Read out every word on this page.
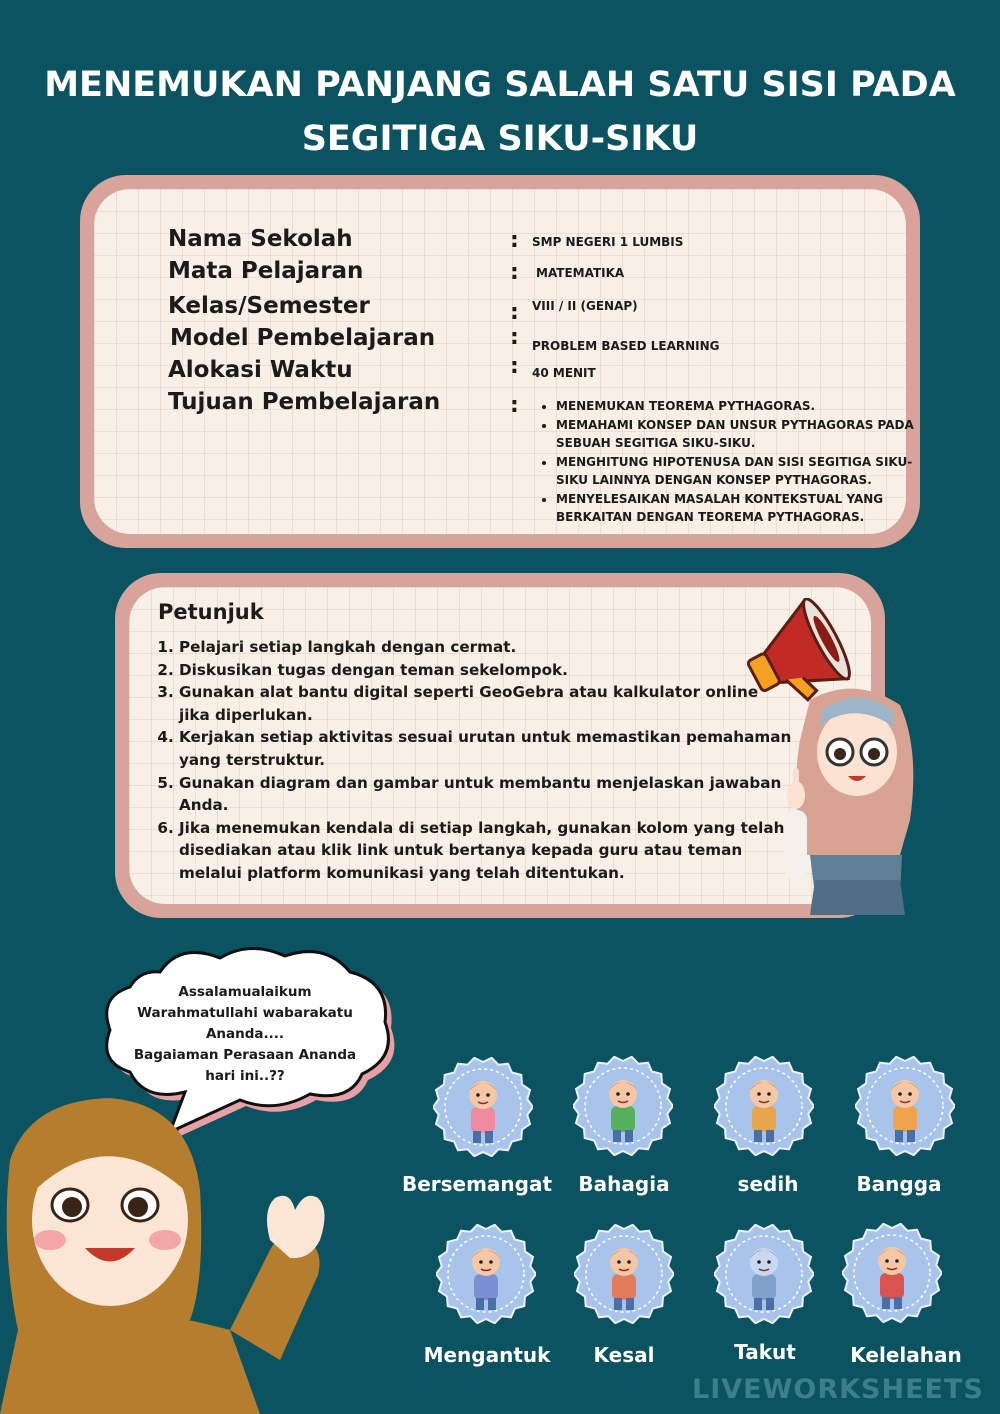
MENEMUKAN PANJANG SALAH SATU SISI PADA
SEGITIGA SIKU-SIKU
Nama Sekolah	: SMP NEGERI 1 LUMBIS
Mata Pelajaran	: MATEMATIKA
Kelas/Semester	: VIII / II (GENAP)
Model Pembelajaran	: PROBLEM BASED LEARNING
Alokasi Waktu	: 40 MENIT
Tujuan Pembelajaran	:
•	MENEMUKAN TEOREMA PYTHAGORAS.
• MEMAHAMI KONSEP DAN UNSUR PYTHAGORAS PADA SEBUAH SEGITIGA SIKU-SIKU.
• MENGHITUNG HIPOTENUSA DAN SISI SEGITIGA SIKU-SIKU LAINNYA DENGAN KONSEP PYTHAGORAS.
• MENYELESAIKAN MASALAH KONTEKSTUAL YANG BERKAITAN DENGAN TEOREMA PYTHAGORAS.
Petunjuk
1. Pelajari setiap langkah dengan cermat.
2. Diskusikan tugas dengan teman sekelompok.
3. Gunakan alat bantu digital seperti GeoGebra atau kalkulator online jika diperlukan.
4. Kerjakan setiap aktivitas sesuai urutan untuk memastikan pemahaman yang terstruktur.
5. Gunakan diagram dan gambar untuk membantu menjelaskan jawaban Anda.
6. Jika menemukan kendala di setiap langkah, gunakan kolom yang telah disediakan atau klik link untuk bertanya kepada guru atau teman melalui platform komunikasi yang telah ditentukan.
Assalamualaikum
Warahmatullahi wabarakatu
Ananda....
Bagaiaman Perasaan Ananda
hari ini..??
Bersemangat	Bahagia	sedih	Bangga
Mengantuk	Kesal	Takut	Kelelahan
LIVEWORKSHEETS
